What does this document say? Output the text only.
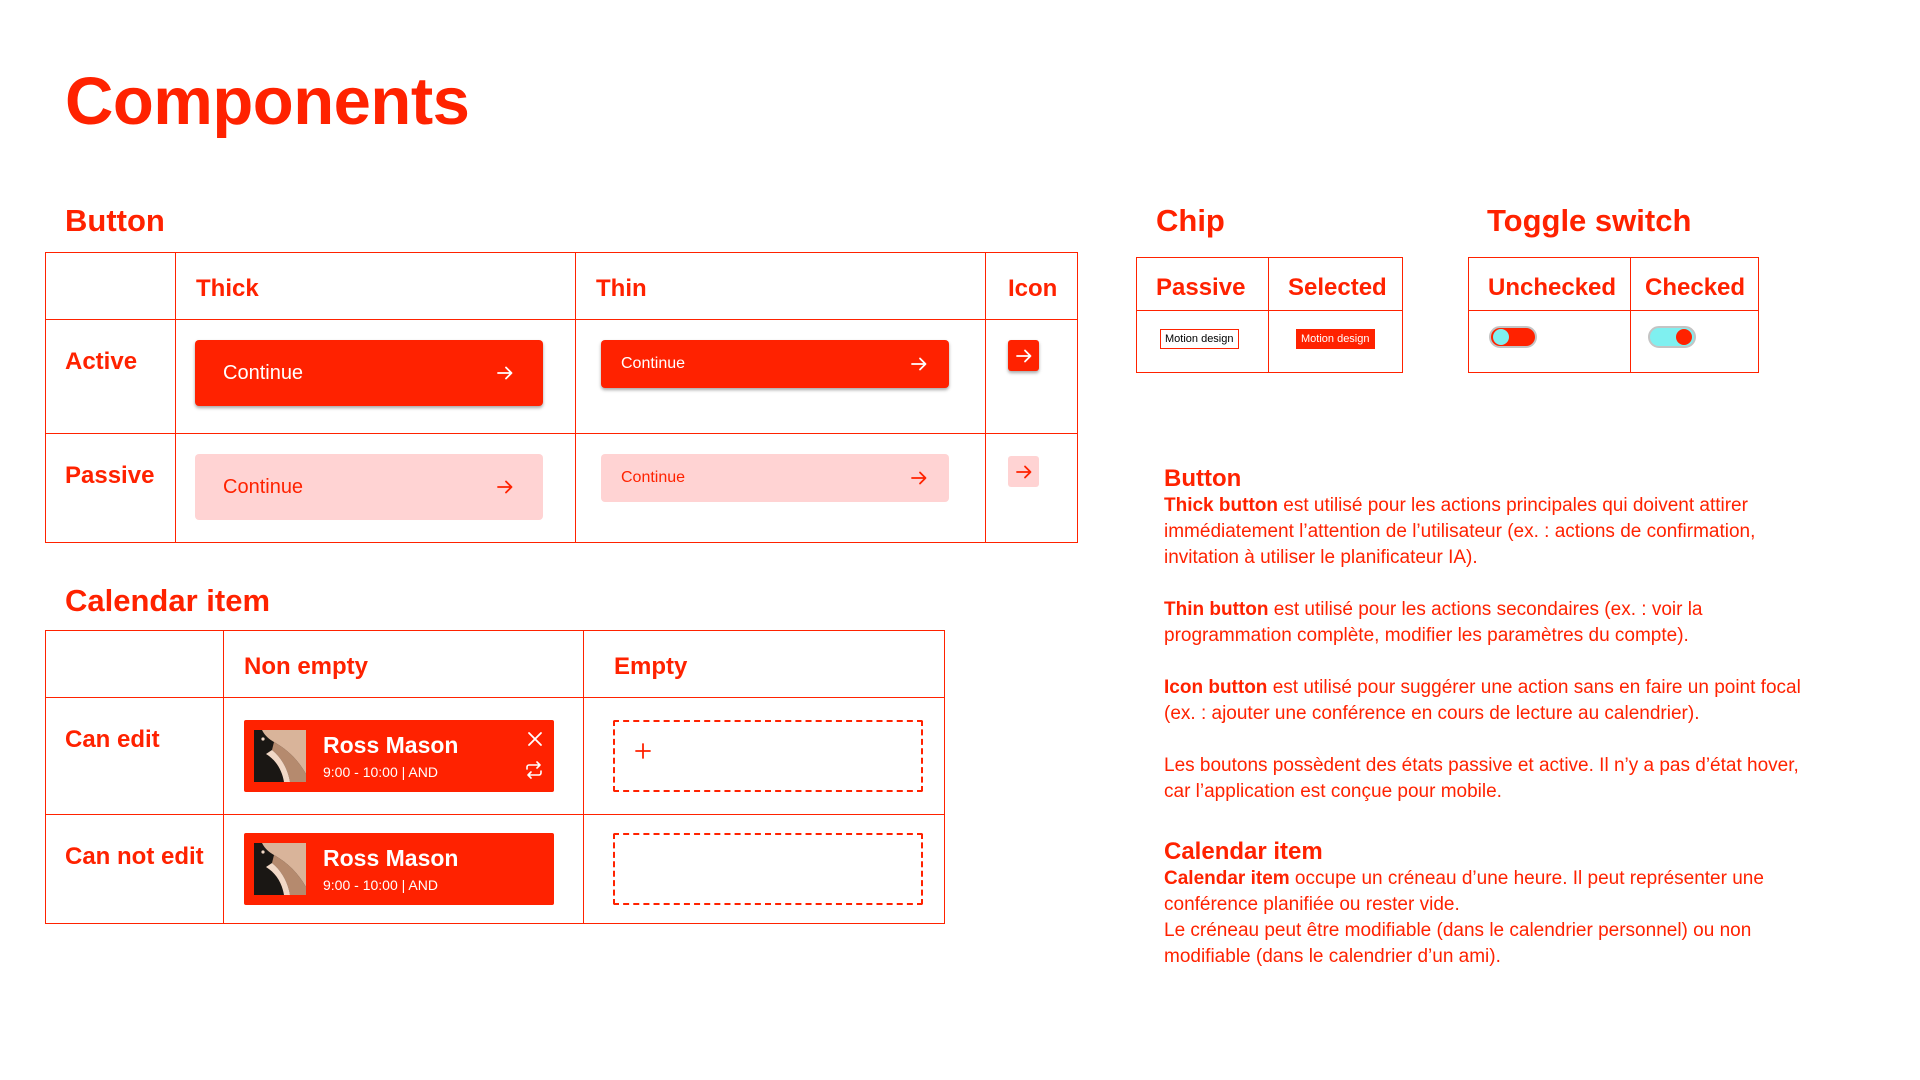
Components
Button
	Thick	Thin	Icon
Active	Continue	Continue

Passive	Continue	Continue

Chip
Passive	Selected

Motion design	Motion design
Toggle switch
Unchecked	Checked

Calendar item
	Non empty	Empty
Can edit	Ross Mason
9:00 - 10:00 | AND

Can not edit	Ross Mason
9:00 - 10:00 | AND	

Button

Thick button est utilisé pour les actions principales qui doivent attirer immédiatement l’attention de l’utilisateur (ex. : actions de confirmation, invitation à utiliser le planificateur IA).

Thin button est utilisé pour les actions secondaires (ex. : voir la programmation complète, modifier les paramètres du compte).

Icon button est utilisé pour suggérer une action sans en faire un point focal (ex. : ajouter une conférence en cours de lecture au calendrier).

Les boutons possèdent des états passive et active. Il n’y a pas d’état hover, car l’application est conçue pour mobile.

Calendar item

Calendar item occupe un créneau d’une heure. Il peut représenter une conférence planifiée ou rester vide.

Le créneau peut être modifiable (dans le calendrier personnel) ou non modifiable (dans le calendrier d’un ami).
